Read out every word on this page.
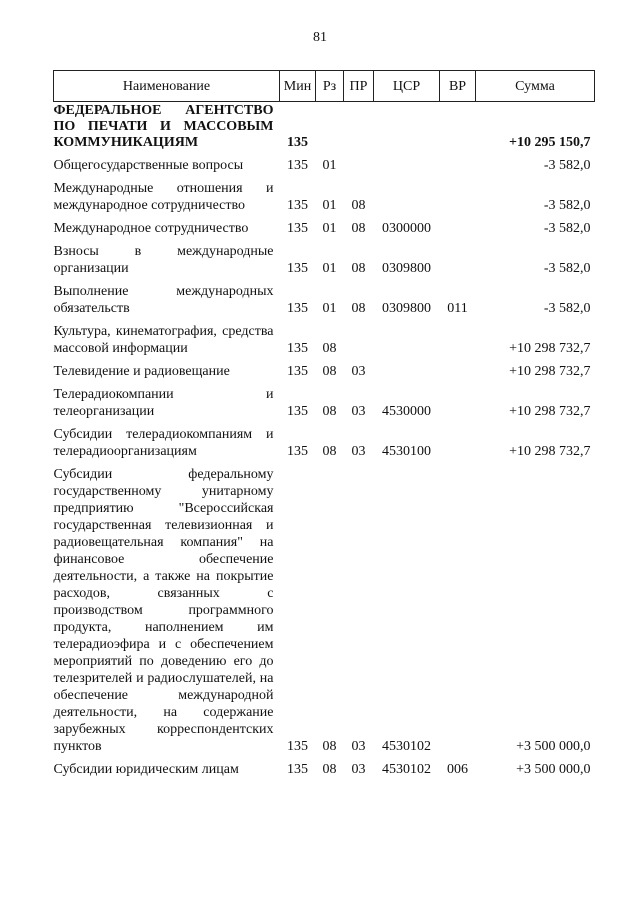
81
Наименование	Мин	Рз	ПР	ЦСР	ВР	Сумма
ФЕДЕРАЛЬНОЕ АГЕНТСТВО ПО ПЕЧАТИ И МАССОВЫМ КОММУНИКАЦИЯМ	135					+10 295 150,7
Общегосударственные вопросы	135	01				-3 582,0
Международные отношения и международное сотрудничество	135	01	08			-3 582,0
Международное сотрудничество	135	01	08	0300000		-3 582,0
Взносы в международные организации	135	01	08	0309800		-3 582,0
Выполнение международных обязательств	135	01	08	0309800	011	-3 582,0
Культура, кинематография, средства массовой информации	135	08				+10 298 732,7
Телевидение и радиовещание	135	08	03			+10 298 732,7
Телерадиокомпании и телеорганизации	135	08	03	4530000		+10 298 732,7
Субсидии телерадиокомпаниям и телерадиоорганизациям	135	08	03	4530100		+10 298 732,7
Субсидии федеральному государственному унитарному предприятию "Всероссийская государственная телевизионная и радиовещательная компания" на финансовое обеспечение деятельности, а также на покрытие расходов, связанных с производством программного продукта, наполнением им телерадиоэфира и с обеспечением мероприятий по доведению его до телезрителей и радиослушателей, на обеспечение международной деятельности, на содержание зарубежных корреспондентских пунктов	135	08	03	4530102		+3 500 000,0
Субсидии юридическим лицам	135	08	03	4530102	006	+3 500 000,0
